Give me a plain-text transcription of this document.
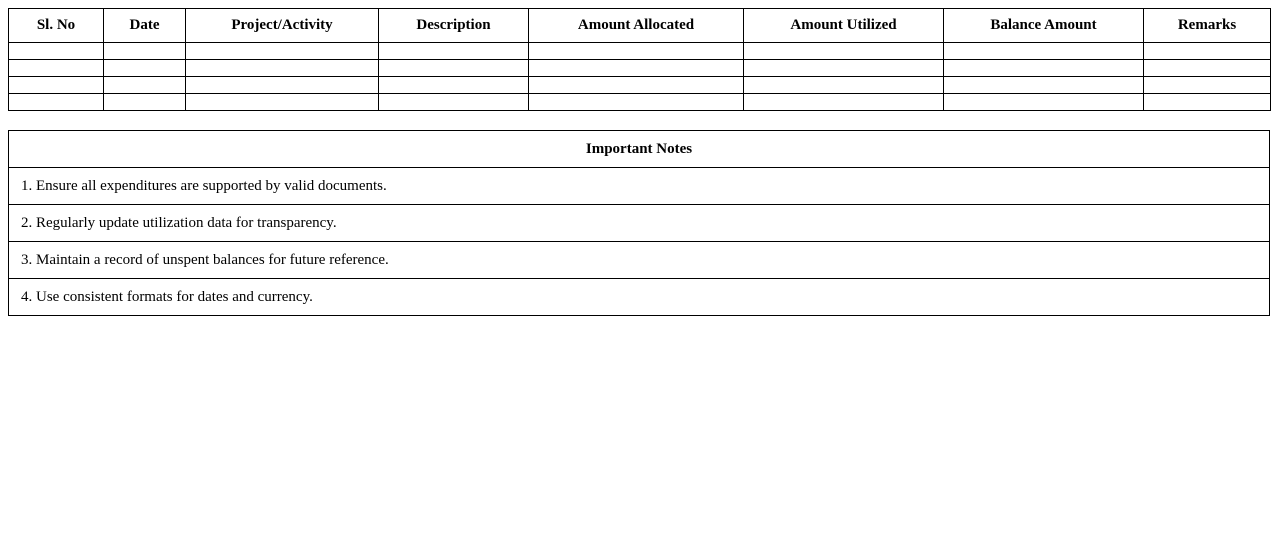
Sl. No	Date	Project/Activity	Description	Amount Allocated	Amount Utilized	Balance Amount	Remarks

Important Notes
1. Ensure all expenditures are supported by valid documents.
2. Regularly update utilization data for transparency.
3. Maintain a record of unspent balances for future reference.
4. Use consistent formats for dates and currency.
